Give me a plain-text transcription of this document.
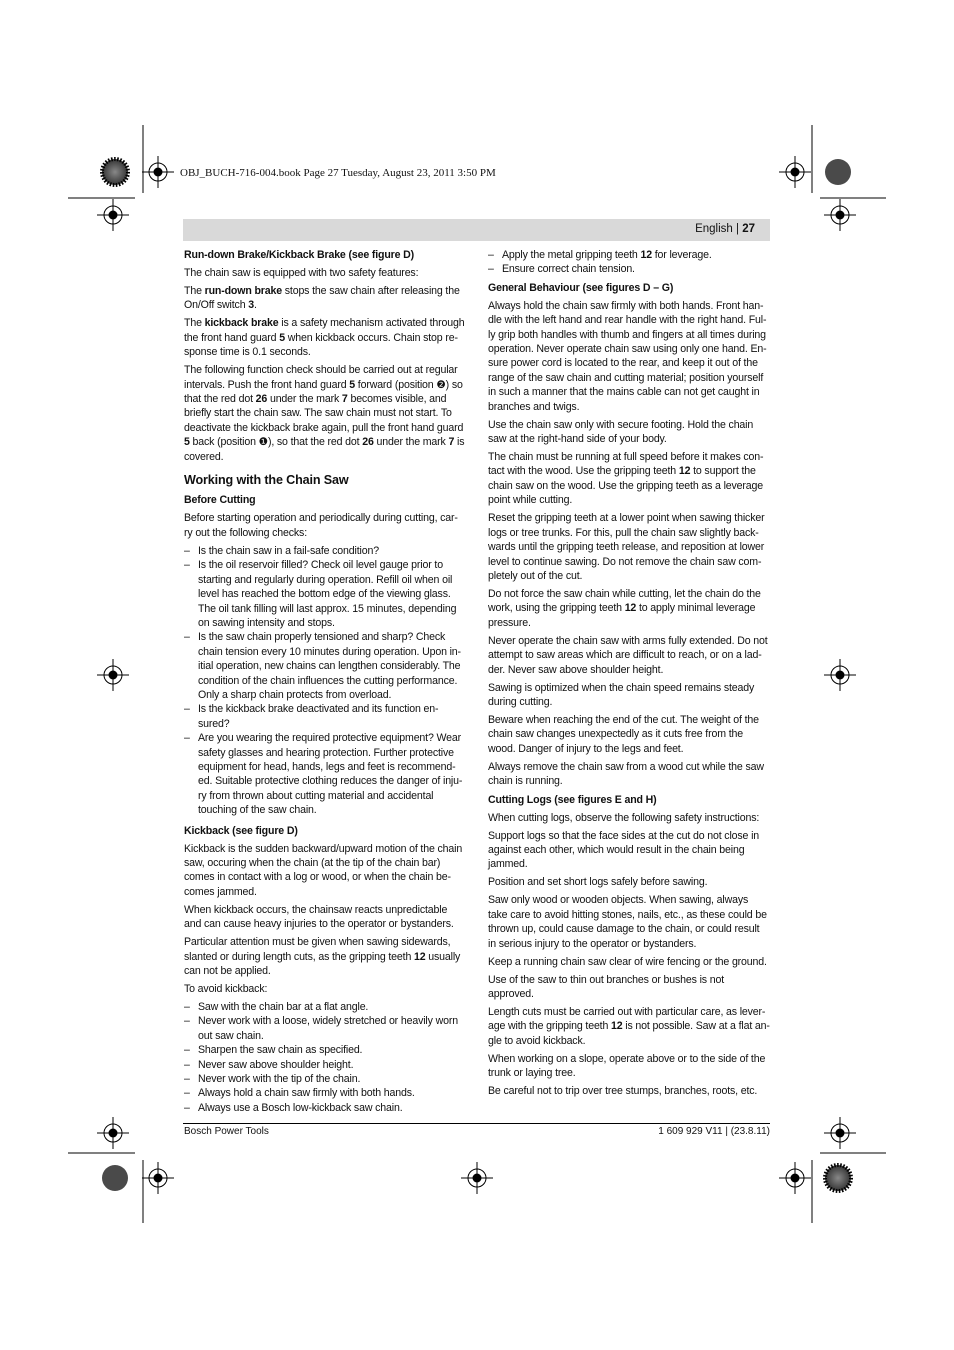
OBJ_BUCH-716-004.book Page 27 Tuesday, August 23, 2011 3:50 PM
English | 27
Run-down Brake/Kickback Brake (see figure D)

The chain saw is equipped with two safety features:

The run-down brake stops the saw chain after releasing the On/Off switch 3.

The kickback brake is a safety mechanism activated through the front hand guard 5 when kickback occurs. Chain stop re-sponse time is 0.1 seconds.

The following function check should be carried out at regular intervals. Push the front hand guard 5 forward (position ❷) so that the red dot 26 under the mark 7 becomes visible, and briefly start the chain saw. The saw chain must not start. To deactivate the kickback brake again, pull the front hand guard 5 back (position ❶), so that the red dot 26 under the mark 7 is covered.

Working with the Chain Saw
Before Cutting

Before starting operation and periodically during cutting, car-ry out the following checks:

– Is the chain saw in a fail-safe condition?
– Is the oil reservoir filled? Check oil level gauge prior to starting and regularly during operation. Refill oil when oil level has reached the bottom edge of the viewing glass. The oil tank filling will last approx. 15 minutes, depending on sawing intensity and stops.
– Is the saw chain properly tensioned and sharp? Check chain tension every 10 minutes during operation. Upon in-itial operation, new chains can lengthen considerably. The condition of the chain influences the cutting performance. Only a sharp chain protects from overload.
– Is the kickback brake deactivated and its function en-sured?
– Are you wearing the required protective equipment? Wear safety glasses and hearing protection. Further protective equipment for head, hands, legs and feet is recommend-ed. Suitable protective clothing reduces the danger of inju-ry from thrown about cutting material and accidental touching of the saw chain.
Kickback (see figure D)

Kickback is the sudden backward/upward motion of the chain saw, occuring when the chain (at the tip of the chain bar) comes in contact with a log or wood, or when the chain be-comes jammed.

When kickback occurs, the chainsaw reacts unpredictable and can cause heavy injuries to the operator or bystanders.

Particular attention must be given when sawing sidewards, slanted or during length cuts, as the gripping teeth 12 usually can not be applied.

To avoid kickback:

– Saw with the chain bar at a flat angle.
– Never work with a loose, widely stretched or heavily worn out saw chain.
– Sharpen the saw chain as specified.
– Never saw above shoulder height.
– Never work with the tip of the chain.
– Always hold a chain saw firmly with both hands.
– Always use a Bosch low-kickback saw chain.
– Apply the metal gripping teeth 12 for leverage.
– Ensure correct chain tension.
General Behaviour (see figures D – G)

Always hold the chain saw firmly with both hands. Front han-dle with the left hand and rear handle with the right hand. Ful-ly grip both handles with thumb and fingers at all times during operation. Never operate chain saw using only one hand. En-sure power cord is located to the rear, and keep it out of the range of the saw chain and cutting material; position yourself in such a manner that the mains cable can not get caught in branches and twigs.

Use the chain saw only with secure footing. Hold the chain saw at the right-hand side of your body.

The chain must be running at full speed before it makes con-tact with the wood. Use the gripping teeth 12 to support the chain saw on the wood. Use the gripping teeth as a leverage point while cutting.

Reset the gripping teeth at a lower point when sawing thicker logs or tree trunks. For this, pull the chain saw slightly back-wards until the gripping teeth release, and reposition at lower level to continue sawing. Do not remove the chain saw com-pletely out of the cut.

Do not force the saw chain while cutting, let the chain do the work, using the gripping teeth 12 to apply minimal leverage pressure.

Never operate the chain saw with arms fully extended. Do not attempt to saw areas which are difficult to reach, or on a lad-der. Never saw above shoulder height.

Sawing is optimized when the chain speed remains steady during cutting.

Beware when reaching the end of the cut. The weight of the chain saw changes unexpectedly as it cuts free from the wood. Danger of injury to the legs and feet.

Always remove the chain saw from a wood cut while the saw chain is running.

Cutting Logs (see figures E and H)

When cutting logs, observe the following safety instructions:

Support logs so that the face sides at the cut do not close in against each other, which would result in the chain being jammed.

Position and set short logs safely before sawing.

Saw only wood or wooden objects. When sawing, always take care to avoid hitting stones, nails, etc., as these could be thrown up, could cause damage to the chain, or could result in serious injury to the operator or bystanders.

Keep a running chain saw clear of wire fencing or the ground.

Use of the saw to thin out branches or bushes is not approved.

Length cuts must be carried out with particular care, as lever-age with the gripping teeth 12 is not possible. Saw at a flat an-gle to avoid kickback.

When working on a slope, operate above or to the side of the trunk or laying tree.

Be careful not to trip over tree stumps, branches, roots, etc.

Bosch Power Tools	1 609 929 V11 | (23.8.11)
